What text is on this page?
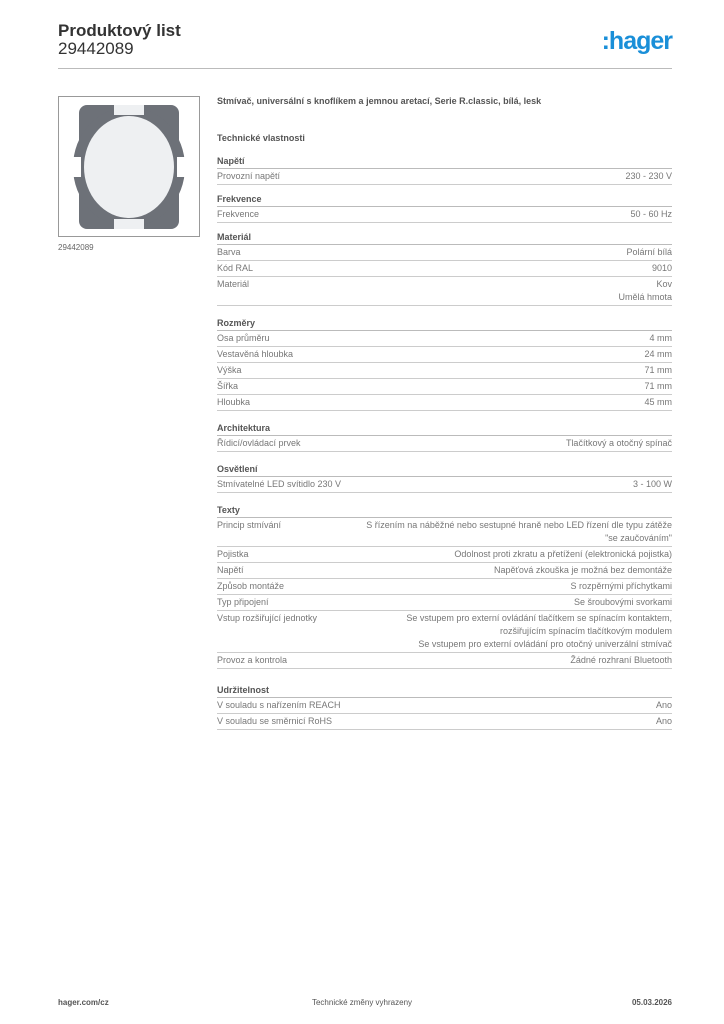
Produktový list
29442089	:hager
29442089
Stmívač, universální s knoflíkem a jemnou aretací, Serie R.classic, bílá, lesk
Technické vlastnosti
Napětí
Provozní napětí	230 - 230 V
Frekvence
Frekvence	50 - 60 Hz
Materiál
Barva	Polární bílá
Kód RAL	9010
Materiál	Kov
Umělá hmota
Rozměry
Osa průměru	4 mm
Vestavěná hloubka	24 mm
Výška	71 mm
Šířka	71 mm
Hloubka	45 mm
Architektura
Řídicí/ovládací prvek	Tlačítkový a otočný spínač
Osvětlení
Stmívatelné LED svítidlo 230 V	3 - 100 W
Texty
Princip stmívání	S řízením na náběžné nebo sestupné hraně nebo LED řízení dle typu zátěže
"se zaučováním"
Pojistka	Odolnost proti zkratu a přetížení (elektronická pojistka)
Napětí	Napěťová zkouška je možná bez demontáže
Způsob montáže	S rozpěrnými příchytkami
Typ připojení	Se šroubovými svorkami
Vstup rozšiřující jednotky	Se vstupem pro externí ovládání tlačítkem se spínacím kontaktem,
rozšiřujícím spínacím tlačítkovým modulem
Se vstupem pro externí ovládání pro otočný univerzální stmívač
Provoz a kontrola	Žádné rozhraní Bluetooth
Udržitelnost
V souladu s nařízením REACH	Ano
V souladu se směrnicí RoHS	Ano
hager.com/cz	Technické změny vyhrazeny	05.03.2026
